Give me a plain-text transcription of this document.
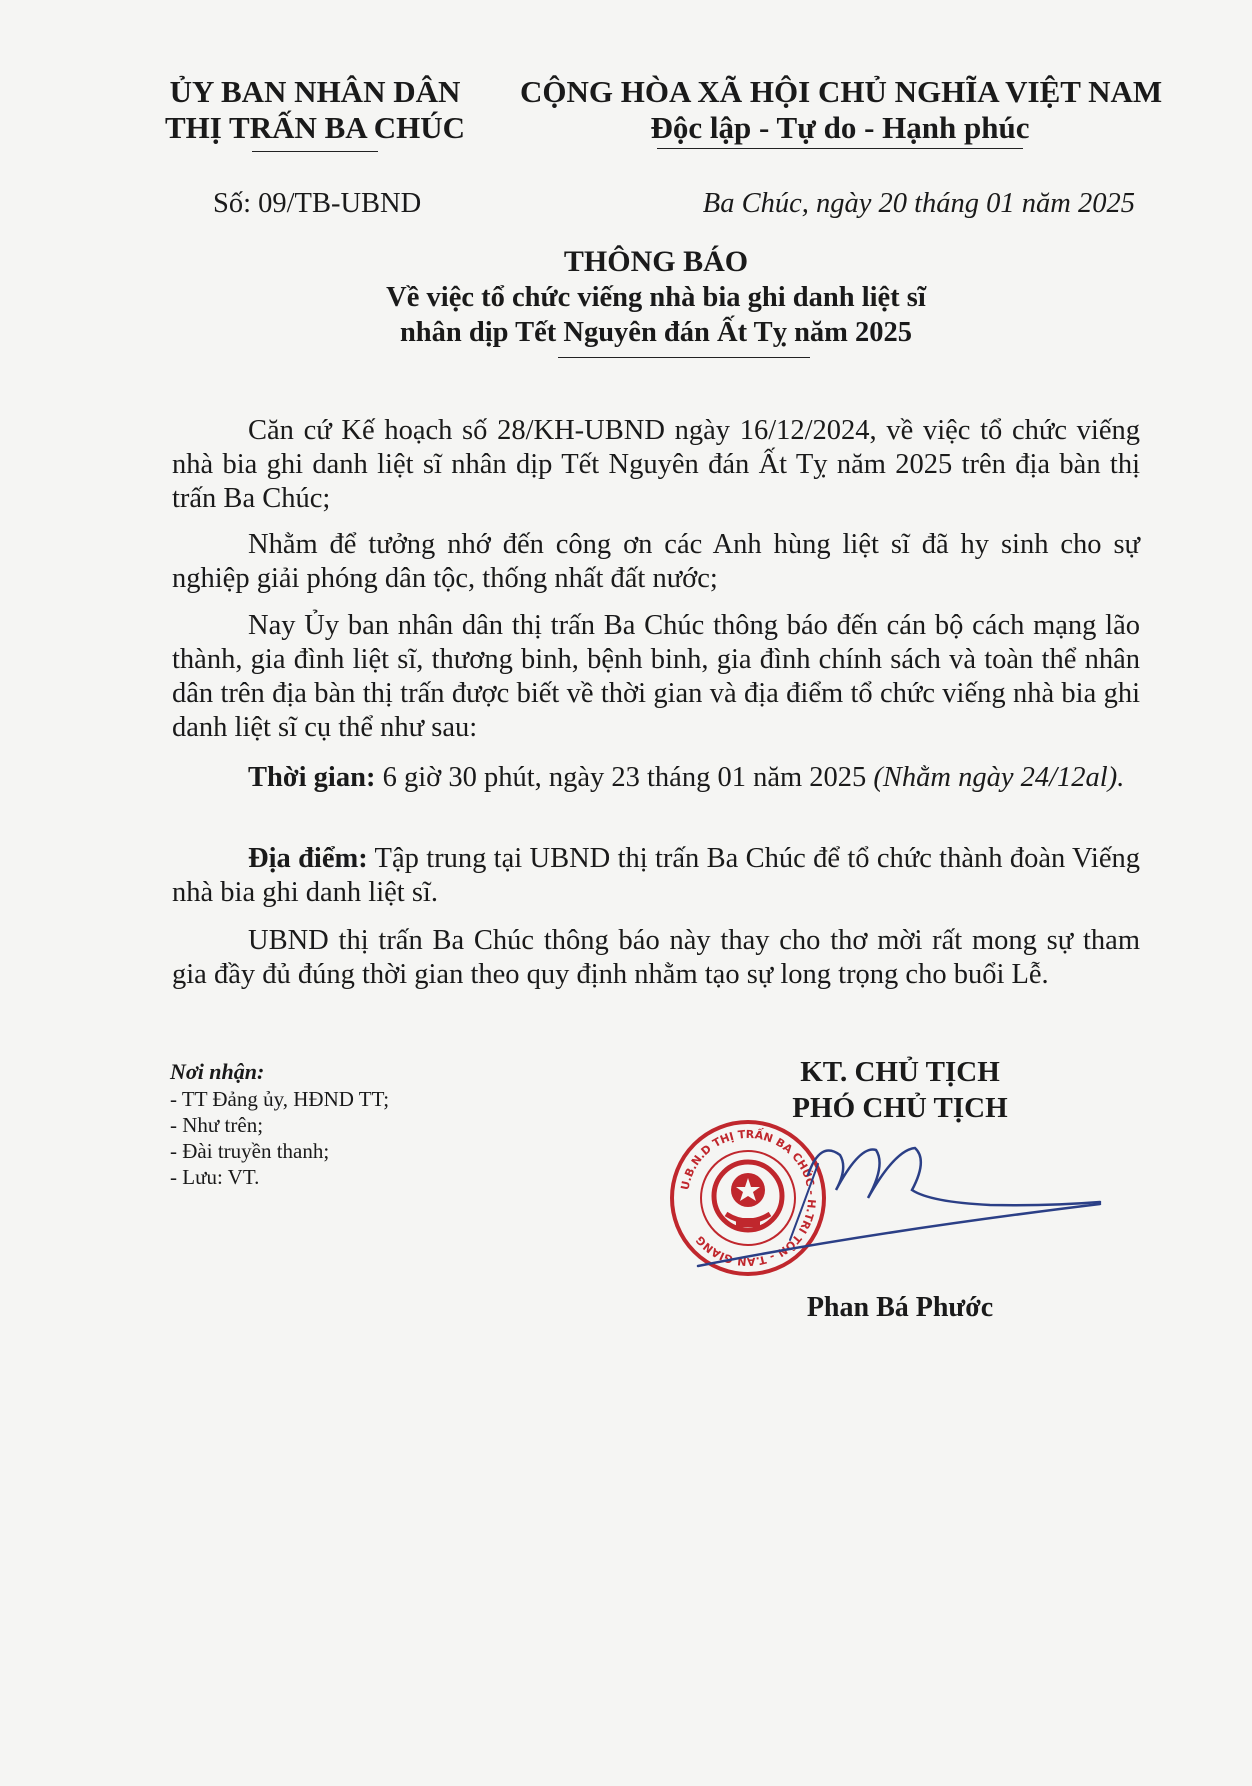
ỦY BAN NHÂN DÂN
THỊ TRẤN BA CHÚC
CỘNG HÒA XÃ HỘI CHỦ NGHĨA VIỆT NAM
Độc lập - Tự do - Hạnh phúc
Số: 09/TB-UBND	Ba Chúc, ngày 20 tháng 01 năm 2025
THÔNG BÁO
Về việc tổ chức viếng nhà bia ghi danh liệt sĩ
nhân dịp Tết Nguyên đán Ất Tỵ năm 2025

Căn cứ Kế hoạch số 28/KH-UBND ngày 16/12/2024, về việc tổ chức viếng nhà bia ghi danh liệt sĩ nhân dịp Tết Nguyên đán Ất Tỵ năm 2025 trên địa bàn thị trấn Ba Chúc;

Nhằm để tưởng nhớ đến công ơn các Anh hùng liệt sĩ đã hy sinh cho sự nghiệp giải phóng dân tộc, thống nhất đất nước;

Nay Ủy ban nhân dân thị trấn Ba Chúc thông báo đến cán bộ cách mạng lão thành, gia đình liệt sĩ, thương binh, bệnh binh, gia đình chính sách và toàn thể nhân dân trên địa bàn thị trấn được biết về thời gian và địa điểm tổ chức viếng nhà bia ghi danh liệt sĩ cụ thể như sau:

Thời gian: 6 giờ 30 phút, ngày 23 tháng 01 năm 2025 (Nhằm ngày 24/12al).

Địa điểm: Tập trung tại UBND thị trấn Ba Chúc để tổ chức thành đoàn Viếng nhà bia ghi danh liệt sĩ.

UBND thị trấn Ba Chúc thông báo này thay cho thơ mời rất mong sự tham gia đầy đủ đúng thời gian theo quy định nhằm tạo sự long trọng cho buổi Lễ.

Nơi nhận:
- TT Đảng ủy, HĐND TT;
- Như trên;
- Đài truyền thanh;
- Lưu: VT.
KT. CHỦ TỊCH
PHÓ CHỦ TỊCH
U.B.N.D THỊ TRẤN BA CHÚC - H.TRI TÔN - T.AN GIANG
Phan Bá Phước
